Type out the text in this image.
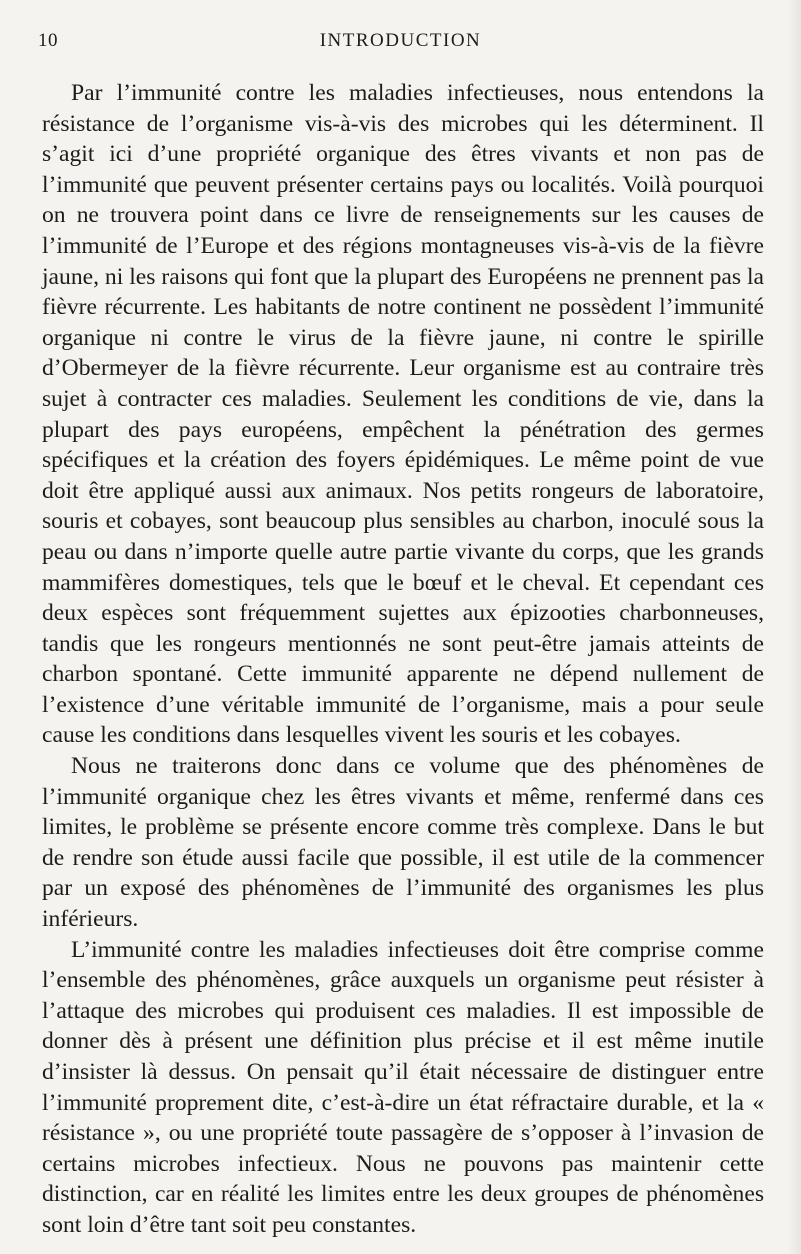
10	INTRODUCTION

Par l’immunité contre les maladies infectieuses, nous entendons la résistance de l’organisme vis-à-vis des microbes qui les déterminent. Il s’agit ici d’une propriété organique des êtres vivants et non pas de l’immunité que peuvent présenter certains pays ou localités. Voilà pourquoi on ne trouvera point dans ce livre de renseignements sur les causes de l’immunité de l’Europe et des régions montagneuses vis-à-vis de la fièvre jaune, ni les raisons qui font que la plupart des Européens ne prennent pas la fièvre récurrente. Les habitants de notre continent ne possèdent l’immunité organique ni contre le virus de la fièvre jaune, ni contre le spirille d’Obermeyer de la fièvre récurrente. Leur organisme est au contraire très sujet à contracter ces maladies. Seulement les conditions de vie, dans la plupart des pays européens, empêchent la pénétration des germes spécifiques et la création des foyers épidémiques. Le même point de vue doit être appliqué aussi aux animaux. Nos petits rongeurs de laboratoire, souris et cobayes, sont beaucoup plus sensibles au charbon, inoculé sous la peau ou dans n’importe quelle autre partie vivante du corps, que les grands mammifères domestiques, tels que le bœuf et le cheval. Et cependant ces deux espèces sont fréquemment sujettes aux épizooties charbonneuses, tandis que les rongeurs mentionnés ne sont peut-être jamais atteints de charbon spontané. Cette immunité apparente ne dépend nullement de l’existence d’une véritable immunité de l’organisme, mais a pour seule cause les conditions dans lesquelles vivent les souris et les cobayes.

Nous ne traiterons donc dans ce volume que des phénomènes de l’immunité organique chez les êtres vivants et même, renfermé dans ces limites, le problème se présente encore comme très complexe. Dans le but de rendre son étude aussi facile que possible, il est utile de la commencer par un exposé des phénomènes de l’immunité des organismes les plus inférieurs.

L’immunité contre les maladies infectieuses doit être comprise comme l’ensemble des phénomènes, grâce auxquels un organisme peut résister à l’attaque des microbes qui produisent ces maladies. Il est impossible de donner dès à présent une définition plus précise et il est même inutile d’insister là dessus. On pensait qu’il était nécessaire de distinguer entre l’immunité proprement dite, c’est-à-dire un état réfractaire durable, et la « résistance », ou une propriété toute passagère de s’opposer à l’invasion de certains microbes infectieux. Nous ne pouvons pas maintenir cette distinction, car en réalité les limites entre les deux groupes de phénomènes sont loin d’être tant soit peu constantes.
